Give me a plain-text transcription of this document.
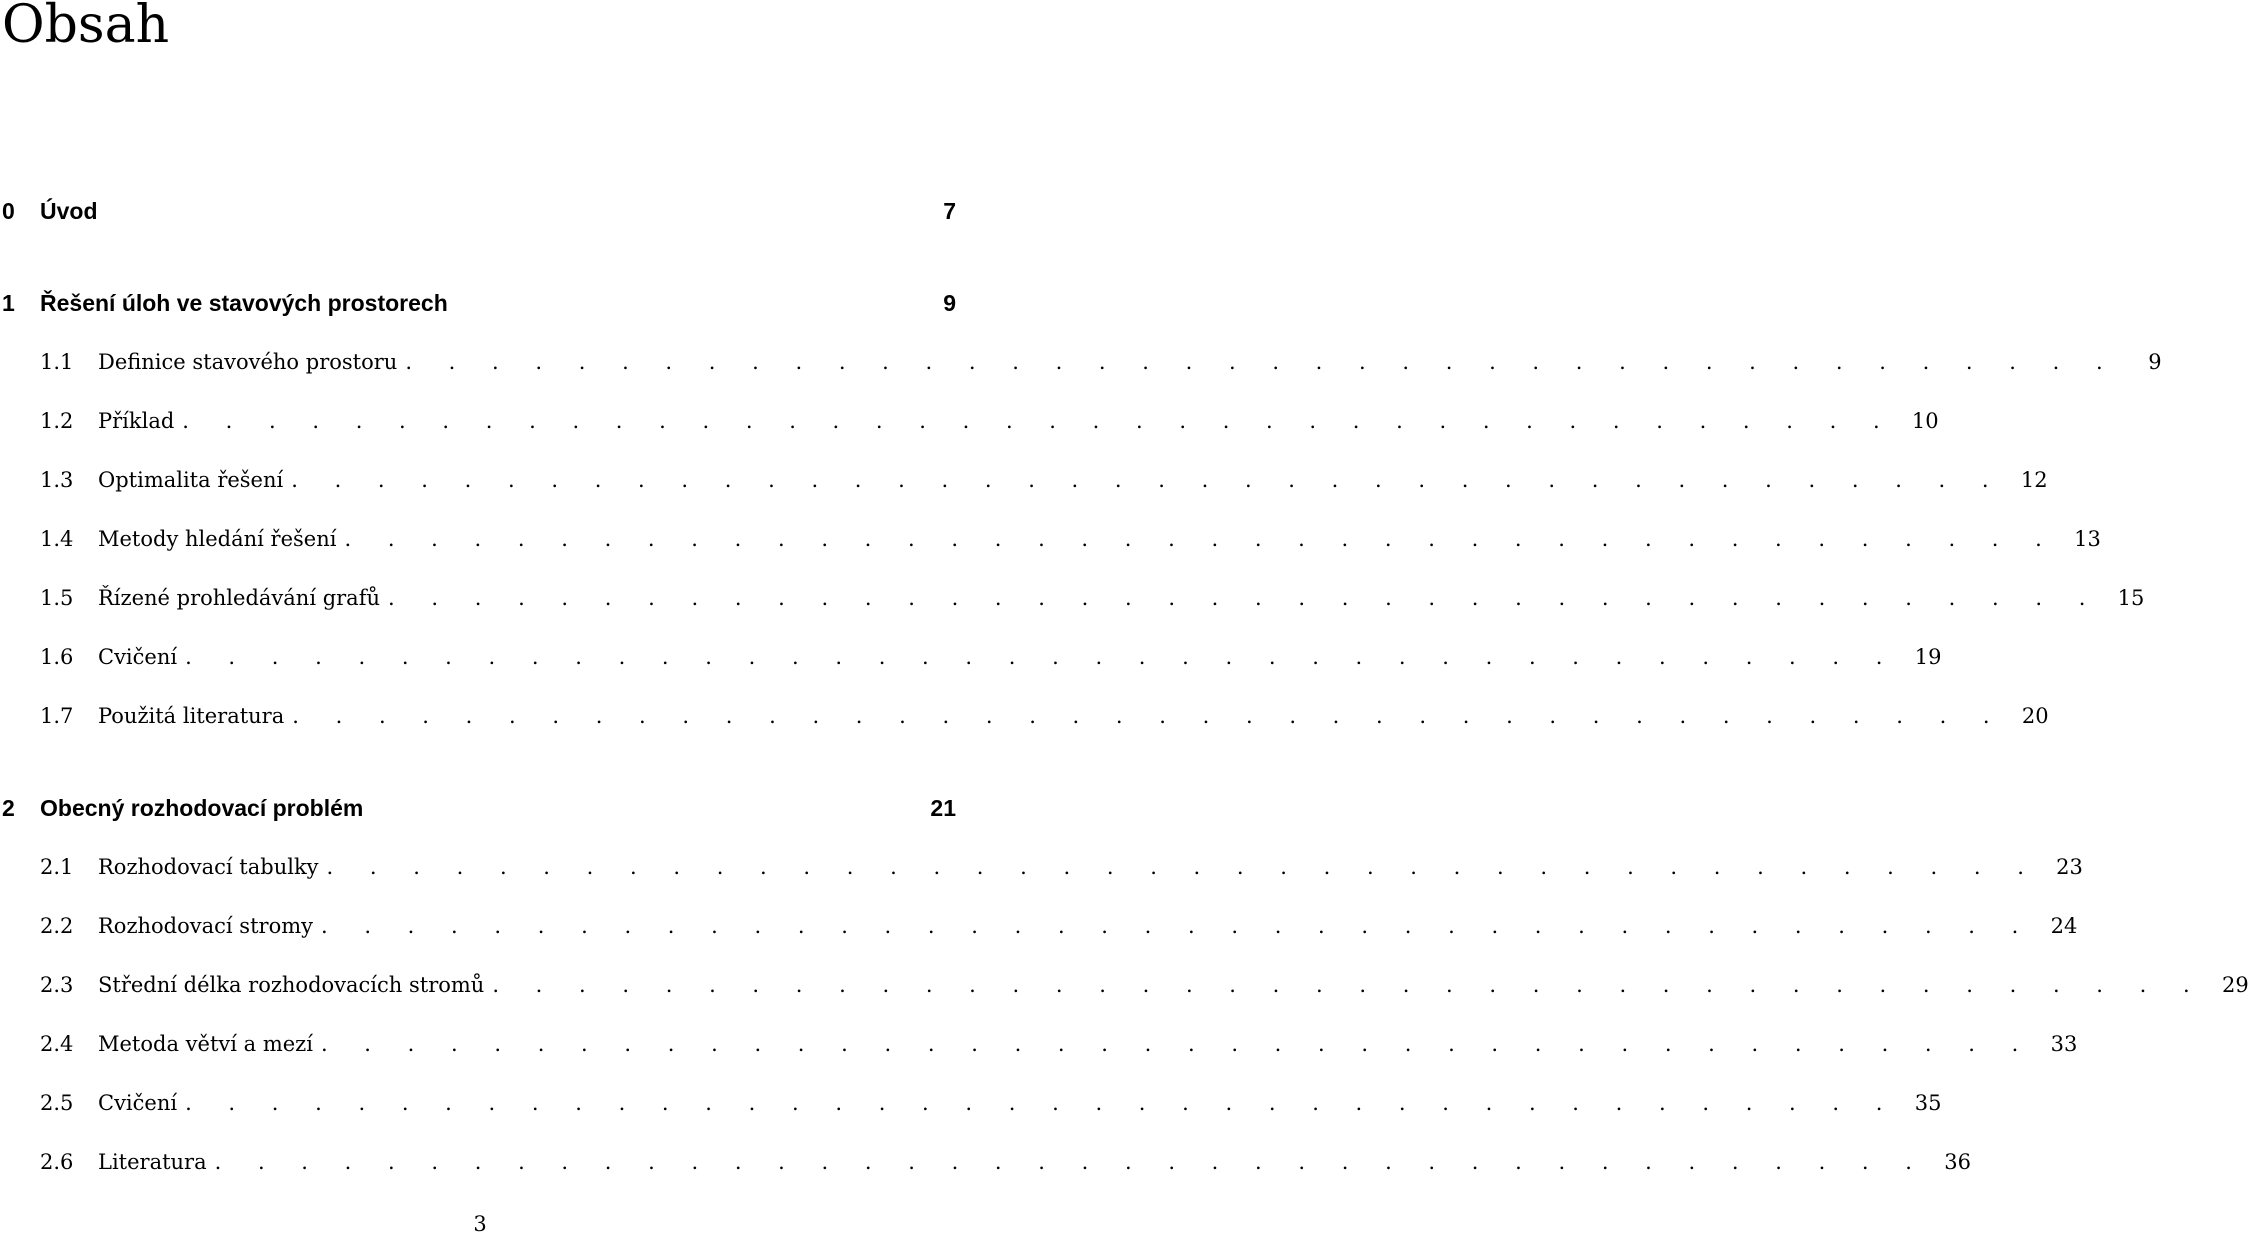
Obsah
0	Úvod	7
1	Řešení úloh ve stavových prostorech	9
1.1	Definice stavového prostoru . . . . . . . . . . . . . . . . . . . . . . . . . . . . . . . . . . . . . . . .	9
1.2	Příklad . . . . . . . . . . . . . . . . . . . . . . . . . . . . . . . . . . . . . . . . 10
1.3	Optimalita řešení . . . . . . . . . . . . . . . . . . . . . . . . . . . . . . . . . . . . . . . . 12
1.4	Metody hledání řešení . . . . . . . . . . . . . . . . . . . . . . . . . . . . . . . . . . . . . . . . 13
1.5	Řízené prohledávání grafů . . . . . . . . . . . . . . . . . . . . . . . . . . . . . . . . . . . . . . . . 15
1.6	Cvičení . . . . . . . . . . . . . . . . . . . . . . . . . . . . . . . . . . . . . . . . 19
1.7	Použitá literatura . . . . . . . . . . . . . . . . . . . . . . . . . . . . . . . . . . . . . . . . 20
2	Obecný rozhodovací problém	21
2.1	Rozhodovací tabulky . . . . . . . . . . . . . . . . . . . . . . . . . . . . . . . . . . . . . . . . 23
2.2	Rozhodovací stromy . . . . . . . . . . . . . . . . . . . . . . . . . . . . . . . . . . . . . . . . 24
2.3	Střední délka rozhodovacích stromů . . . . . . . . . . . . . . . . . . . . . . . . . . . . . . . . . . . . . . . . 29
2.4	Metoda větví a mezí . . . . . . . . . . . . . . . . . . . . . . . . . . . . . . . . . . . . . . . . 33
2.5	Cvičení . . . . . . . . . . . . . . . . . . . . . . . . . . . . . . . . . . . . . . . . 35
2.6	Literatura . . . . . . . . . . . . . . . . . . . . . . . . . . . . . . . . . . . . . . . . 36
3
